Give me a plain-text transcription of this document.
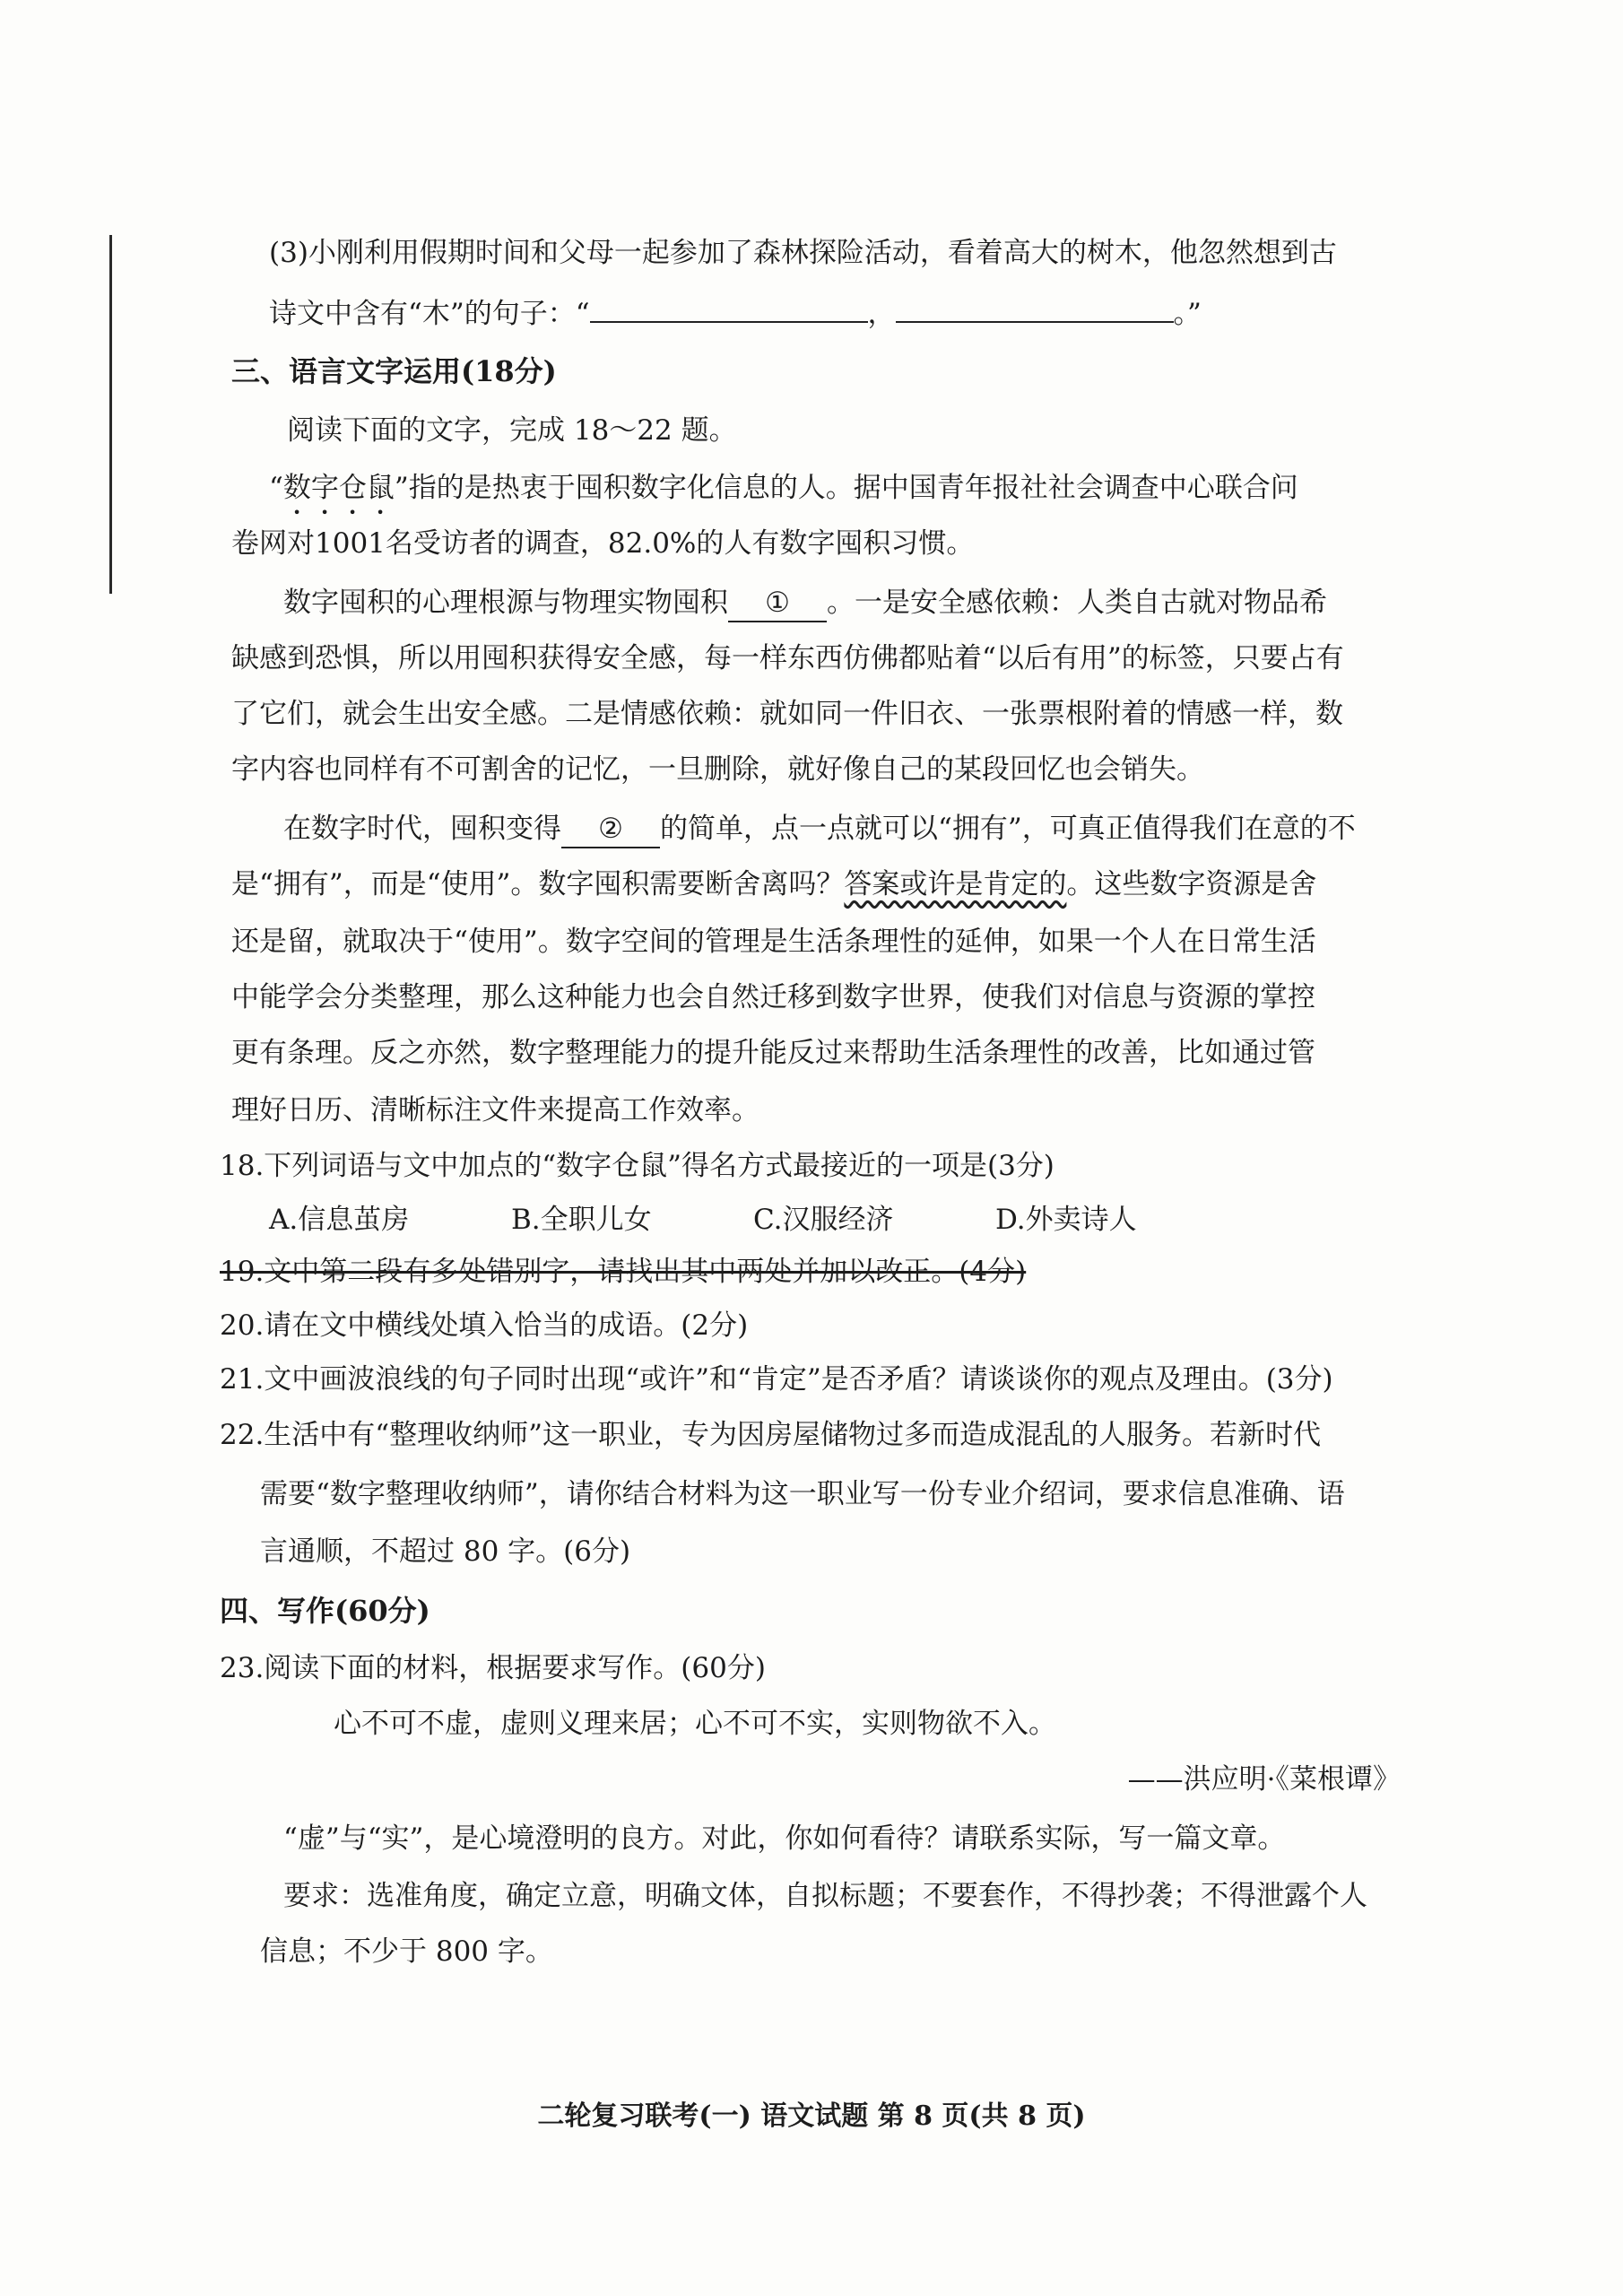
(3)小刚利用假期时间和父母一起参加了森林探险活动，看着高大的树木，他忽然想到古
诗文中含有“木”的句子：“	，	。”
三、语言文字运用(18分)
阅读下面的文字，完成 18～22 题。
“数字仓鼠”指的是热衷于囤积数字化信息的人。据中国青年报社社会调查中心联合问
卷网对1001名受访者的调查，82.0%的人有数字囤积习惯。
数字囤积的心理根源与物理实物囤积 ① 。一是安全感依赖：人类自古就对物品希
缺感到恐惧，所以用囤积获得安全感，每一样东西仿佛都贴着“以后有用”的标签，只要占有
了它们，就会生出安全感。二是情感依赖：就如同一件旧衣、一张票根附着的情感一样，数
字内容也同样有不可割舍的记忆，一旦删除，就好像自己的某段回忆也会销失。
在数字时代，囤积变得 ② 的简单，点一点就可以“拥有”，可真正值得我们在意的不
是“拥有”，而是“使用”。数字囤积需要断舍离吗？答案或许是肯定的。这些数字资源是舍
还是留，就取决于“使用”。数字空间的管理是生活条理性的延伸，如果一个人在日常生活
中能学会分类整理，那么这种能力也会自然迁移到数字世界，使我们对信息与资源的掌控
更有条理。反之亦然，数字整理能力的提升能反过来帮助生活条理性的改善，比如通过管
理好日历、清晰标注文件来提高工作效率。
18.下列词语与文中加点的“数字仓鼠”得名方式最接近的一项是(3分)
A.信息茧房	B.全职儿女	C.汉服经济	D.外卖诗人
19.文中第二段有多处错别字，请找出其中两处并加以改正。(4分)
20.请在文中横线处填入恰当的成语。(2分)
21.文中画波浪线的句子同时出现“或许”和“肯定”是否矛盾？请谈谈你的观点及理由。(3分)
22.生活中有“整理收纳师”这一职业，专为因房屋储物过多而造成混乱的人服务。若新时代
需要“数字整理收纳师”，请你结合材料为这一职业写一份专业介绍词，要求信息准确、语
言通顺，不超过 80 字。(6分)
四、写作(60分)
23.阅读下面的材料，根据要求写作。(60分)
心不可不虚，虚则义理来居；心不可不实，实则物欲不入。
——洪应明·《菜根谭》
“虚”与“实”，是心境澄明的良方。对此，你如何看待？请联系实际，写一篇文章。
要求：选准角度，确定立意，明确文体，自拟标题；不要套作，不得抄袭；不得泄露个人
信息；不少于 800 字。
二轮复习联考(一) 语文试题 第 8 页(共 8 页)
